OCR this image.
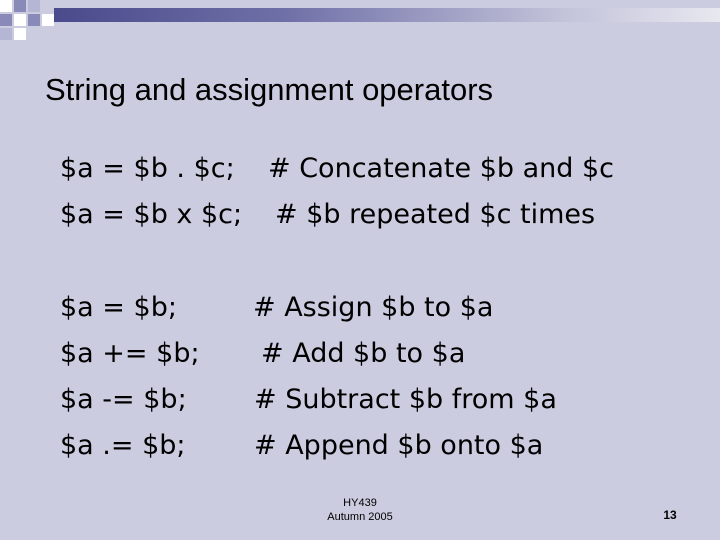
String and assignment operators
$a = $b . $c; # Concatenate $b and $c
$a = $b x $c; # $b repeated $c times
$a = $b;	# Assign $b to $a
$a += $b; # Add $b to $a
$a -= $b; # Subtract $b from $a
$a .= $b;	# Append $b onto $a
HY439
Autumn 2005	13
